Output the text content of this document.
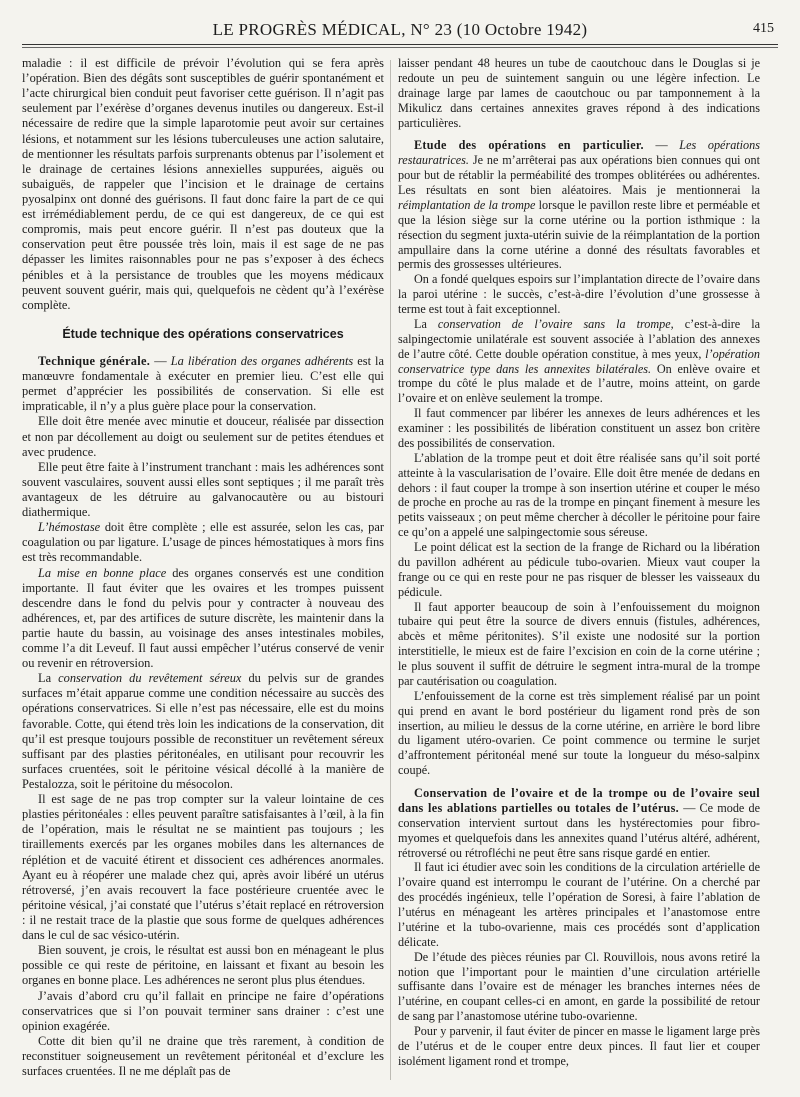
LE PROGRÈS MÉDICAL, N° 23 (10 Octobre 1942)	415

maladie : il est difficile de prévoir l’évolution qui se fera après l’opération. Bien des dégâts sont susceptibles de guérir spontanément et l’acte chirurgical bien conduit peut favoriser cette guérison. Il n’agit pas seulement par l’exérèse d’organes devenus inutiles ou dangereux. Est-il nécessaire de redire que la simple laparotomie peut avoir sur certaines lésions, et notamment sur les lésions tuberculeuses une action salutaire, de mentionner les résultats parfois surprenants obtenus par l’isolement et le drainage de certaines lésions annexielles suppurées, aiguës ou subaiguës, de rappeler que l’incision et le drainage de certains pyosalpinx ont donné des guérisons. Il faut donc faire la part de ce qui est irrémédiablement perdu, de ce qui est dangereux, de ce qui est compromis, mais peut encore guérir. Il n’est pas douteux que la conservation peut être poussée très loin, mais il est sage de ne pas dépasser les limites raisonnables pour ne pas s’exposer à des échecs pénibles et à la persistance de troubles que les moyens médicaux peuvent souvent guérir, mais qui, quelquefois ne cèdent qu’à l’exérèse complète.

Étude technique des opérations conservatrices

Technique générale. — La libération des organes adhérents est la manœuvre fondamentale à exécuter en premier lieu. C’est elle qui permet d’apprécier les possibilités de conservation. Si elle est impraticable, il n’y a plus guère place pour la conservation.

Elle doit être menée avec minutie et douceur, réalisée par dissection et non par décollement au doigt ou seulement sur de petites étendues et avec prudence.

Elle peut être faite à l’instrument tranchant : mais les adhérences sont souvent vasculaires, souvent aussi elles sont septiques ; il me paraît très avantageux de les détruire au galvanocautère ou au bistouri diathermique.

L’hémostase doit être complète ; elle est assurée, selon les cas, par coagulation ou par ligature. L’usage de pinces hémostatiques à mors fins est très recommandable.

La mise en bonne place des organes conservés est une condition importante. Il faut éviter que les ovaires et les trompes puissent descendre dans le fond du pelvis pour y contracter à nouveau des adhérences, et, par des artifices de suture discrète, les maintenir dans la partie haute du bassin, au voisinage des anses intestinales mobiles, comme l’a dit Leveuf. Il faut aussi empêcher l’utérus conservé de venir ou revenir en rétroversion.

La conservation du revêtement séreux du pelvis sur de grandes surfaces m’était apparue comme une condition nécessaire au succès des opérations conservatrices. Si elle n’est pas nécessaire, elle est du moins favorable. Cotte, qui étend très loin les indications de la conservation, dit qu’il est presque toujours possible de reconstituer un revêtement séreux suffisant par des plasties péritonéales, en utilisant pour recouvrir les surfaces cruentées, soit le péritoine vésical décollé à la manière de Pestalozza, soit le péritoine du mésocolon.

Il est sage de ne pas trop compter sur la valeur lointaine de ces plasties péritonéales : elles peuvent paraître satisfaisantes à l’œil, à la fin de l’opération, mais le résultat ne se maintient pas toujours ; les tiraillements exercés par les organes mobiles dans les alternances de réplétion et de vacuité étirent et dissocient ces adhérences anormales. Ayant eu à réopérer une malade chez qui, après avoir libéré un utérus rétroversé, j’en avais recouvert la face postérieure cruentée avec le péritoine vésical, j’ai constaté que l’utérus s’était replacé en rétroversion : il ne restait trace de la plastie que sous forme de quelques adhérences dans le cul de sac vésico-utérin.

Bien souvent, je crois, le résultat est aussi bon en ménageant le plus possible ce qui reste de péritoine, en laissant et fixant au besoin les organes en bonne place. Les adhérences ne seront plus plus étendues.

J’avais d’abord cru qu’il fallait en principe ne faire d’opérations conservatrices que si l’on pouvait terminer sans drainer : c’est une opinion exagérée.

Cotte dit bien qu’il ne draine que très rarement, à condition de reconstituer soigneusement un revêtement péritonéal et d’exclure les surfaces cruentées. Il ne me déplaît pas de

laisser pendant 48 heures un tube de caoutchouc dans le Douglas si je redoute un peu de suintement sanguin ou une légère infection. Le drainage large par lames de caoutchouc ou par tamponnement à la Mikulicz dans certaines annexites graves répond à des indications particulières.

Etude des opérations en particulier. — Les opérations restauratrices. Je ne m’arrêterai pas aux opérations bien connues qui ont pour but de rétablir la perméabilité des trompes oblitérées ou adhérentes. Les résultats en sont bien aléatoires. Mais je mentionnerai la réimplantation de la trompe lorsque le pavillon reste libre et perméable et que la lésion siège sur la corne utérine ou la portion isthmique : la résection du segment juxta-utérin suivie de la réimplantation de la portion ampullaire dans la corne utérine a donné des résultats favorables et permis des grossesses ultérieures.

On a fondé quelques espoirs sur l’implantation directe de l’ovaire dans la paroi utérine : le succès, c’est-à-dire l’évolution d’une grossesse à terme est tout à fait exceptionnel.

La conservation de l’ovaire sans la trompe, c’est-à-dire la salpingectomie unilatérale est souvent associée à l’ablation des annexes de l’autre côté. Cette double opération constitue, à mes yeux, l’opération conservatrice type dans les annexites bilatérales. On enlève ovaire et trompe du côté le plus malade et de l’autre, moins atteint, on garde l’ovaire et on enlève seulement la trompe.

Il faut commencer par libérer les annexes de leurs adhérences et les examiner : les possibilités de libération constituent un assez bon critère des possibilités de conservation.

L’ablation de la trompe peut et doit être réalisée sans qu’il soit porté atteinte à la vascularisation de l’ovaire. Elle doit être menée de dedans en dehors : il faut couper la trompe à son insertion utérine et couper le méso de proche en proche au ras de la trompe en pinçant finement à mesure les petits vaisseaux ; on peut même chercher à décoller le péritoine pour faire ce qu’on a appelé une salpingectomie sous séreuse.

Le point délicat est la section de la frange de Richard ou la libération du pavillon adhérent au pédicule tubo-ovarien. Mieux vaut couper la frange ou ce qui en reste pour ne pas risquer de blesser les vaisseaux du pédicule.

Il faut apporter beaucoup de soin à l’enfouissement du moignon tubaire qui peut être la source de divers ennuis (fistules, adhérences, abcès et même péritonites). S’il existe une nodosité sur la portion interstitielle, le mieux est de faire l’excision en coin de la corne utérine ; le plus souvent il suffit de détruire le segment intra-mural de la trompe par cautérisation ou coagulation.

L’enfouissement de la corne est très simplement réalisé par un point qui prend en avant le bord postérieur du ligament rond près de son insertion, au milieu le dessus de la corne utérine, en arrière le bord libre du ligament utéro-ovarien. Ce point commence ou termine le surjet d’affrontement péritonéal mené sur toute la longueur du méso-salpinx coupé.

Conservation de l’ovaire et de la trompe ou de l’ovaire seul dans les ablations partielles ou totales de l’utérus. — Ce mode de conservation intervient surtout dans les hystérectomies pour fibro-myomes et quelquefois dans les annexites quand l’utérus altéré, adhérent, rétroversé ou rétrofléchi ne peut être sans risque gardé en entier.

Il faut ici étudier avec soin les conditions de la circulation artérielle de l’ovaire quand est interrompu le courant de l’utérine. On a cherché par des procédés ingénieux, telle l’opération de Soresi, à faire l’ablation de l’utérus en ménageant les artères principales et l’anastomose entre l’utérine et la tubo-ovarienne, mais ces procédés sont d’application délicate.

De l’étude des pièces réunies par Cl. Rouvillois, nous avons retiré la notion que l’important pour le maintien d’une circulation artérielle suffisante dans l’ovaire est de ménager les branches internes nées de l’utérine, en coupant celles-ci en amont, en garde la possibilité de retour de sang par l’anastomose utérine tubo-ovarienne.

Pour y parvenir, il faut éviter de pincer en masse le ligament large près de l’utérus et de le couper entre deux pinces. Il faut lier et couper isolément ligament rond et trompe,
